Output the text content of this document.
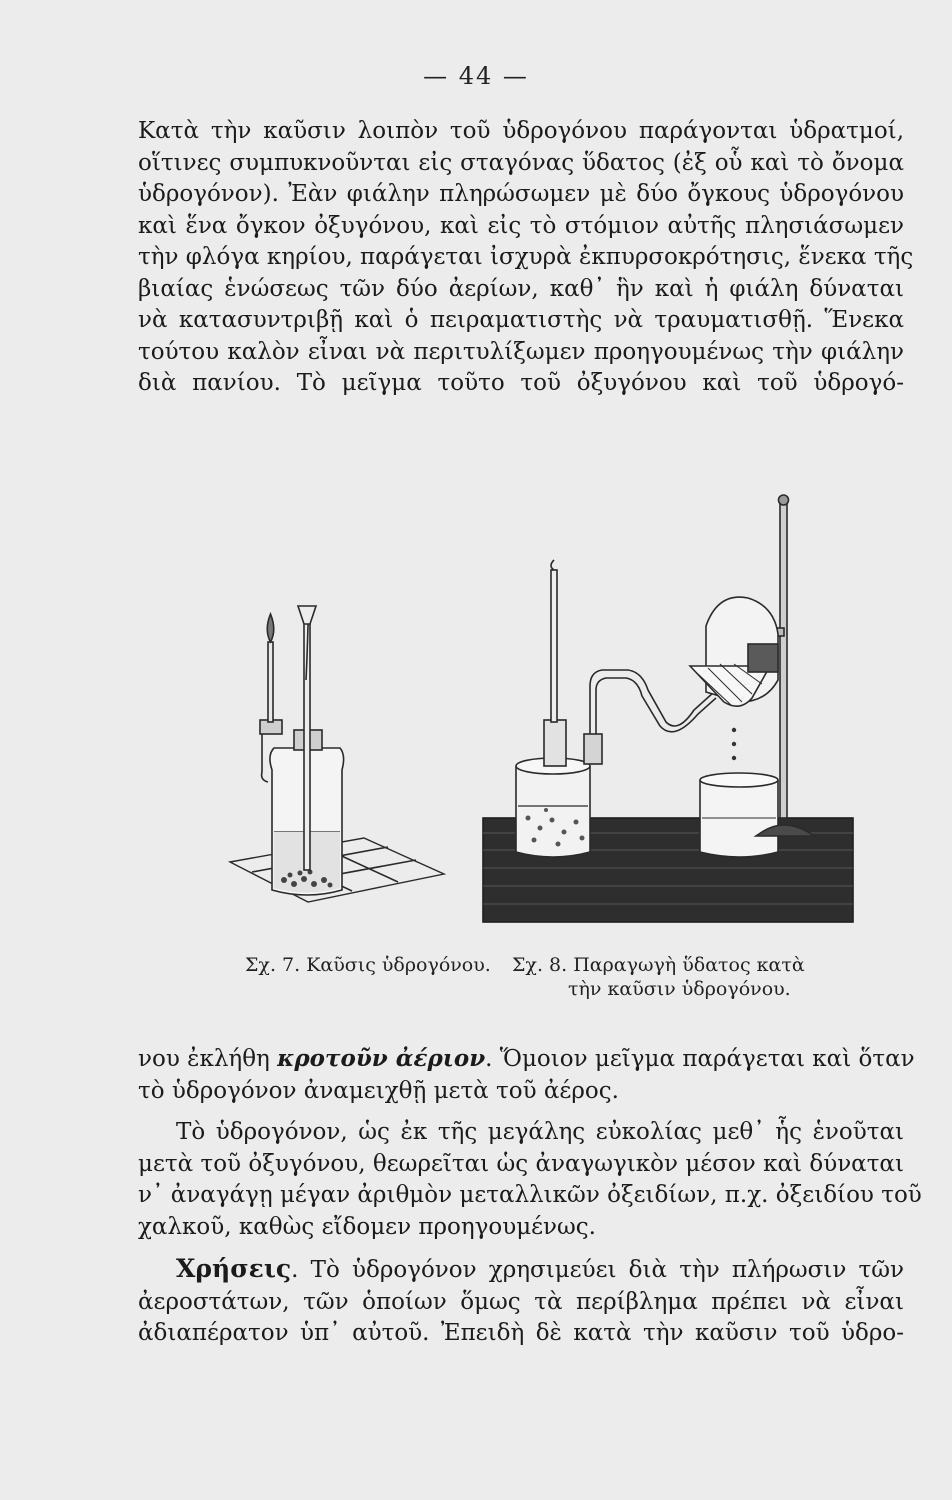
— 44 —
Κατὰ τὴν καῦσιν λοιπὸν τοῦ ὑδρογόνου παράγονται ὑδρατμοί,
οἵτινες συμπυκνοῦνται εἰς σταγόνας ὕδατος (ἐξ οὗ καὶ τὸ ὄνομα
ὑδρογόνον). Ἐὰν φιάλην πληρώσωμεν μὲ δύο ὄγκους ὑδρογόνου
καὶ ἕνα ὄγκον ὀξυγόνου, καὶ εἰς τὸ στόμιον αὐτῆς πλησιάσωμεν
τὴν φλόγα κηρίου, παράγεται ἰσχυρὰ ἐκπυρσοκρότησις, ἕνεκα τῆς
βιαίας ἑνώσεως τῶν δύο ἀερίων, καθ᾽ ἣν καὶ ἡ φιάλη δύναται
νὰ κατασυντριβῇ καὶ ὁ πειραματιστὴς νὰ τραυματισθῇ. Ἕνεκα
τούτου καλὸν εἶναι νὰ περιτυλίξωμεν προηγουμένως τὴν φιάλην
διὰ πανίου. Τὸ μεῖγμα τοῦτο τοῦ ὀξυγόνου καὶ τοῦ ὑδρογό-
Σχ. 7. Καῦσις ὑδρογόνου. Σχ. 8. Παραγωγὴ ὕδατος κατὰ
τὴν καῦσιν ὑδρογόνου.
νου ἐκλήθη κροτοῦν ἀέριον. Ὅμοιον μεῖγμα παράγεται καὶ ὅταν
τὸ ὑδρογόνον ἀναμειχθῇ μετὰ τοῦ ἀέρος.
Τὸ ὑδρογόνον, ὡς ἐκ τῆς μεγάλης εὐκολίας μεθ᾽ ἧς ἑνοῦται
μετὰ τοῦ ὀξυγόνου, θεωρεῖται ὡς ἀναγωγικὸν μέσον καὶ δύναται
ν᾽ ἀναγάγῃ μέγαν ἀριθμὸν μεταλλικῶν ὀξειδίων, π.χ. ὀξειδίου τοῦ
χαλκοῦ, καθὼς εἴδομεν προηγουμένως.
Χρήσεις. Τὸ ὑδρογόνον χρησιμεύει διὰ τὴν πλήρωσιν τῶν
ἀεροστάτων, τῶν ὁποίων ὅμως τὰ περίβλημα πρέπει νὰ εἶναι
ἀδιαπέρατον ὑπ᾽ αὐτοῦ. Ἐπειδὴ δὲ κατὰ τὴν καῦσιν τοῦ ὑδρο-
